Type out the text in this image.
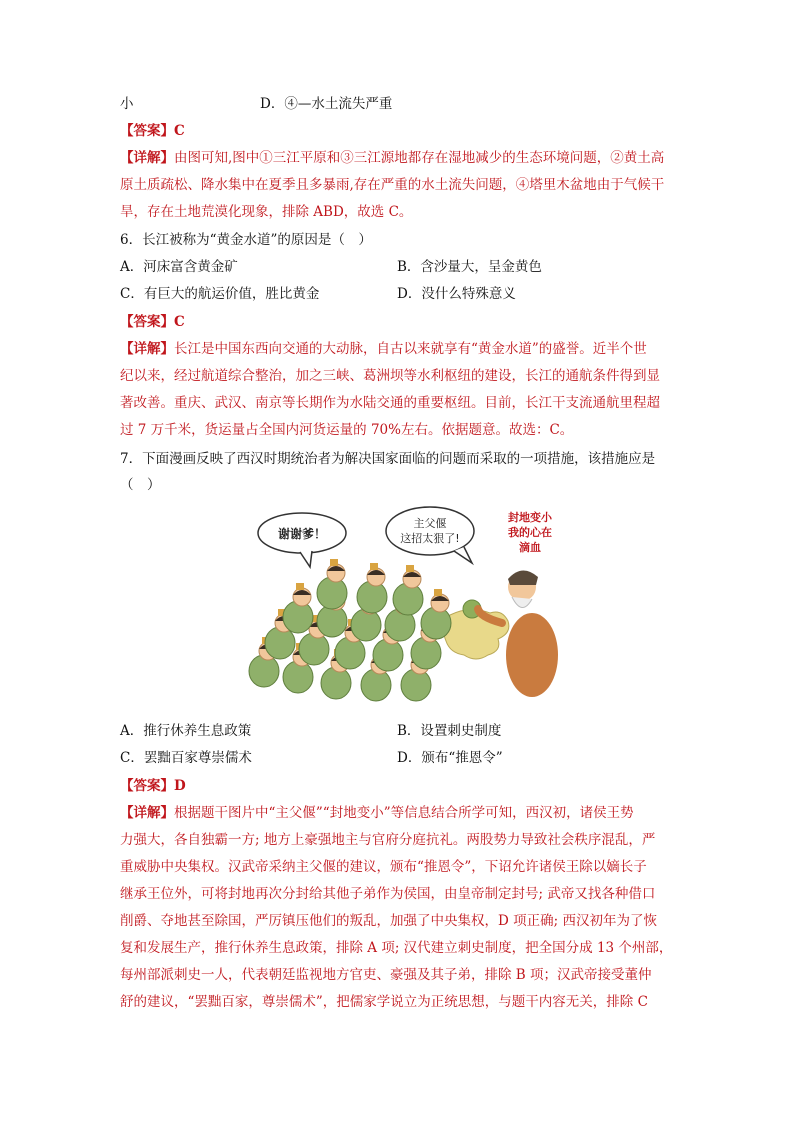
小	D．④—水土流失严重
【答案】C
【详解】由图可知,图中①三江平原和③三江源地都存在湿地减少的生态环境问题，②黄土高
原土质疏松、降水集中在夏季且多暴雨,存在严重的水土流失问题，④塔里木盆地由于气候干
旱，存在土地荒漠化现象，排除 ABD，故选 C。
6．长江被称为“黄金水道”的原因是（　）
A．河床富含黄金矿	B．含沙量大，呈金黄色
C．有巨大的航运价值，胜比黄金	D．没什么特殊意义
【答案】C
【详解】长江是中国东西向交通的大动脉，自古以来就享有“黄金水道”的盛誉。近半个世
纪以来，经过航道综合整治，加之三峡、葛洲坝等水利枢纽的建设，长江的通航条件得到显
著改善。重庆、武汉、南京等长期作为水陆交通的重要枢纽。目前，长江干支流通航里程超
过 7 万千米，货运量占全国内河货运量的 70%左右。依据题意。故选：C。
7．下面漫画反映了西汉时期统治者为解决国家面临的问题而采取的一项措施，该措施应是
（　）
谢谢爹！
主父偃
这招太狠了!
封地变小
我的心在
滴血
A．推行休养生息政策	B．设置刺史制度
C．罢黜百家尊崇儒术	D．颁布“推恩令”
【答案】D
【详解】根据题干图片中“主父偃”“封地变小”等信息结合所学可知，西汉初，诸侯王势
力强大，各自独霸一方; 地方上豪强地主与官府分庭抗礼。两股势力导致社会秩序混乱，严
重威胁中央集权。汉武帝采纳主父偃的建议，颁布“推恩令”，下诏允许诸侯王除以嫡长子
继承王位外，可将封地再次分封给其他子弟作为侯国，由皇帝制定封号; 武帝又找各种借口
削爵、夺地甚至除国，严厉镇压他们的叛乱，加强了中央集权，D 项正确; 西汉初年为了恢
复和发展生产，推行休养生息政策，排除 A 项; 汉代建立刺史制度，把全国分成 13 个州部，
每州部派刺史一人，代表朝廷监视地方官吏、豪强及其子弟，排除 B 项；汉武帝接受董仲
舒的建议，“罢黜百家，尊崇儒术”，把儒家学说立为正统思想，与题干内容无关，排除 C
